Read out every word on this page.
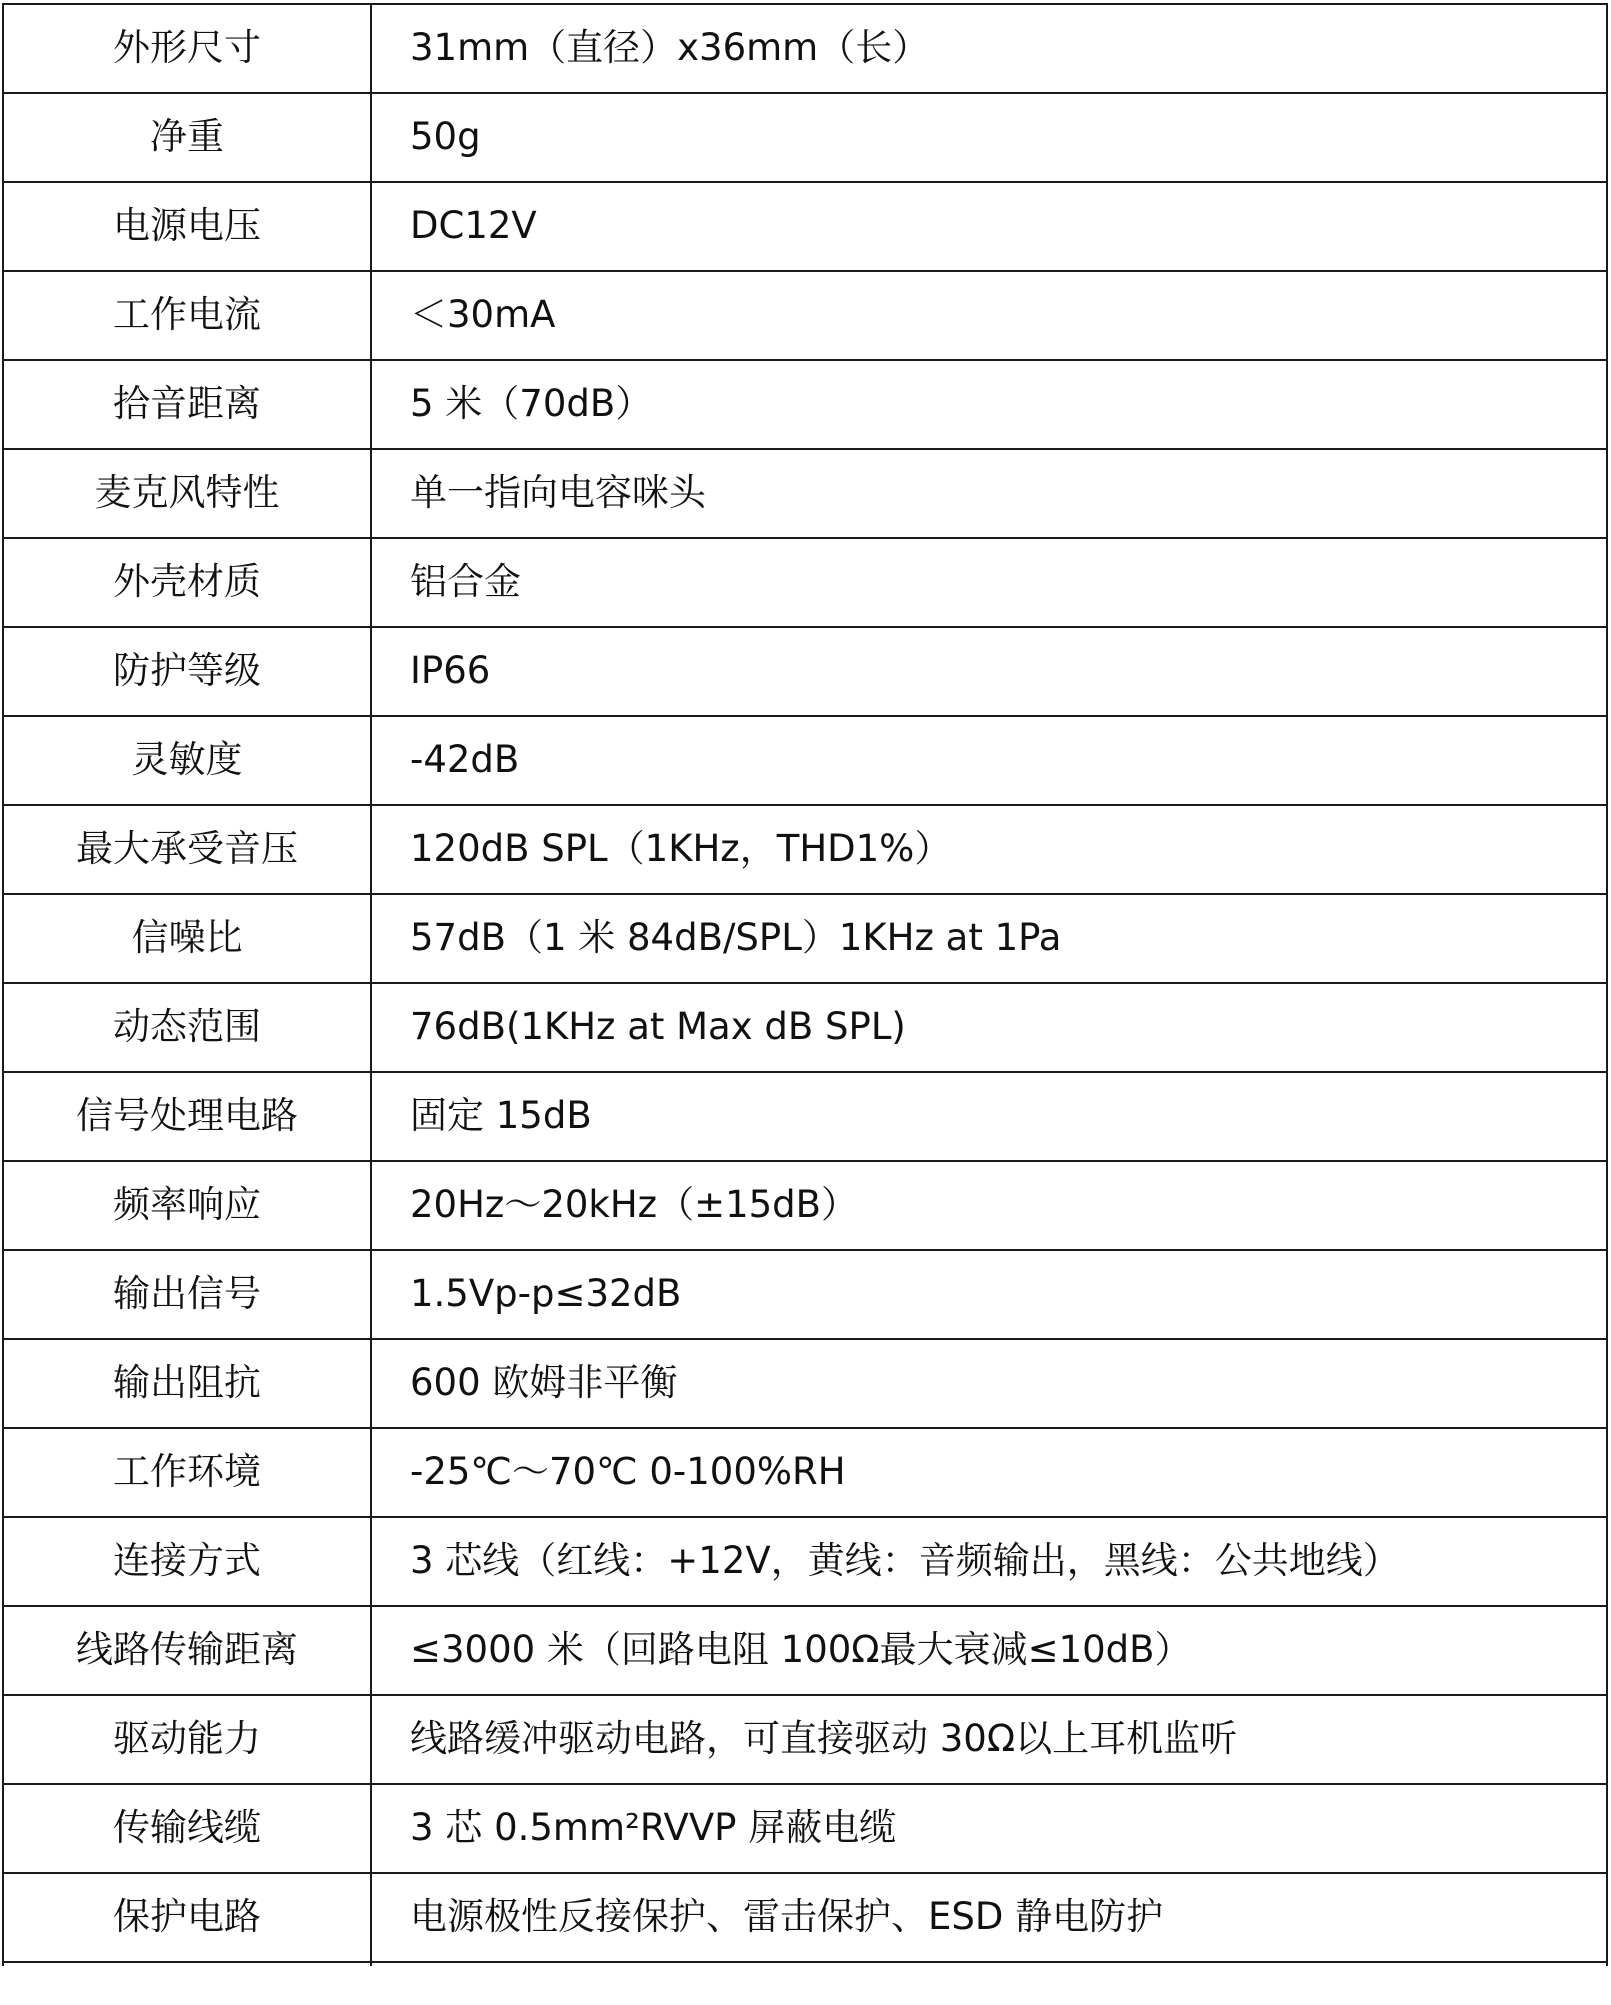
外形尺寸	31mm（直径）x36mm（长）
净重	50g
电源电压	DC12V
工作电流	＜30mA
拾音距离	5 米（70dB）
麦克风特性	单一指向电容咪头
外壳材质	铝合金
防护等级	IP66
灵敏度	-42dB
最大承受音压	120dB SPL（1KHz，THD1%）
信噪比	57dB（1 米 84dB/SPL）1KHz at 1Pa
动态范围	76dB(1KHz at Max dB SPL)
信号处理电路	固定 15dB
频率响应	20Hz～20kHz（±15dB）
输出信号	1.5Vp-p≤32dB
输出阻抗	600 欧姆非平衡
工作环境	-25℃～70℃ 0-100%RH
连接方式	3 芯线（红线：+12V，黄线：音频输出，黑线：公共地线）
线路传输距离	≤3000 米（回路电阻 100Ω最大衰减≤10dB）
驱动能力	线路缓冲驱动电路，可直接驱动 30Ω以上耳机监听
传输线缆	3 芯 0.5mm²RVVP 屏蔽电缆
保护电路	电源极性反接保护、雷击保护、ESD 静电防护
